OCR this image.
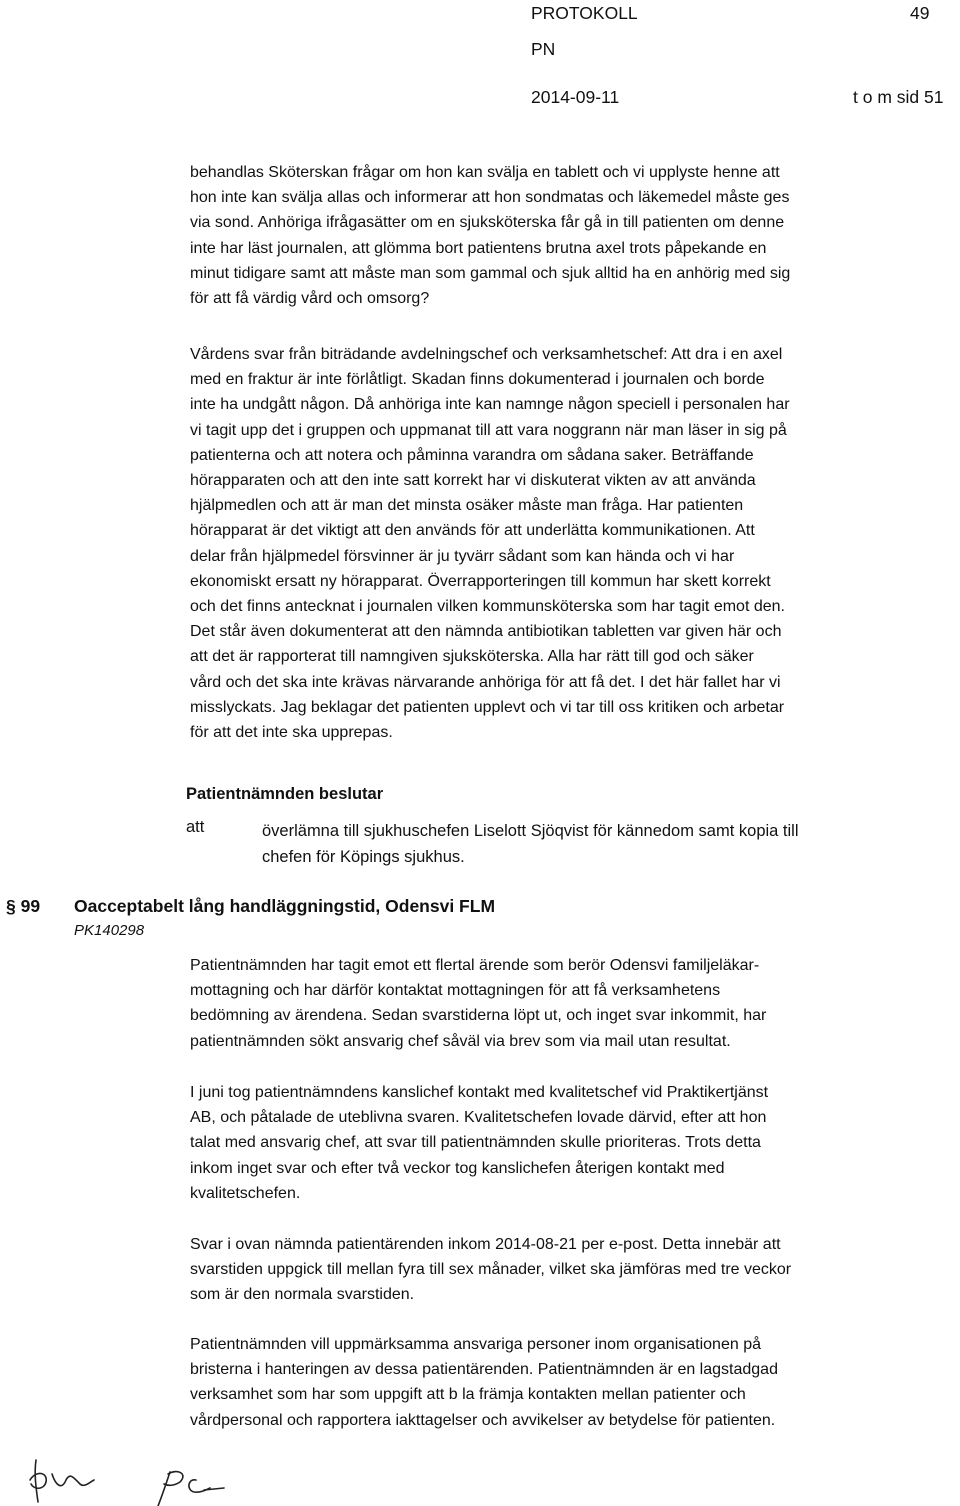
PROTOKOLL	49
PN
2014-09-11	t o m sid 51
behandlas Sköterskan frågar om hon kan svälja en tablett och vi upplyste henne att
hon inte kan svälja allas och informerar att hon sondmatas och läkemedel måste ges
via sond. Anhöriga ifrågasätter om en sjuksköterska får gå in till patienten om denne
inte har läst journalen, att glömma bort patientens brutna axel trots påpekande en
minut tidigare samt att måste man som gammal och sjuk alltid ha en anhörig med sig
för att få värdig vård och omsorg?
Vårdens svar från biträdande avdelningschef och verksamhetschef: Att dra i en axel
med en fraktur är inte förlåtligt. Skadan finns dokumenterad i journalen och borde
inte ha undgått någon. Då anhöriga inte kan namnge någon speciell i personalen har
vi tagit upp det i gruppen och uppmanat till att vara noggrann när man läser in sig på
patienterna och att notera och påminna varandra om sådana saker. Beträffande
hörapparaten och att den inte satt korrekt har vi diskuterat vikten av att använda
hjälpmedlen och att är man det minsta osäker måste man fråga. Har patienten
hörapparat är det viktigt att den används för att underlätta kommunikationen. Att
delar från hjälpmedel försvinner är ju tyvärr sådant som kan hända och vi har
ekonomiskt ersatt ny hörapparat. Överrapporteringen till kommun har skett korrekt
och det finns antecknat i journalen vilken kommunsköterska som har tagit emot den.
Det står även dokumenterat att den nämnda antibiotikan tabletten var given här och
att det är rapporterat till namngiven sjuksköterska. Alla har rätt till god och säker
vård och det ska inte krävas närvarande anhöriga för att få det. I det här fallet har vi
misslyckats. Jag beklagar det patienten upplevt och vi tar till oss kritiken och arbetar
för att det inte ska upprepas.
Patientnämnden beslutar
att	överlämna till sjukhuschefen Liselott Sjöqvist för kännedom samt kopia till
chefen för Köpings sjukhus.
§ 99 Oacceptabelt lång handläggningstid, Odensvi FLM
PK140298
Patientnämnden har tagit emot ett flertal ärende som berör Odensvi familjeläkar-
mottagning och har därför kontaktat mottagningen för att få verksamhetens
bedömning av ärendena. Sedan svarstiderna löpt ut, och inget svar inkommit, har
patientnämnden sökt ansvarig chef såväl via brev som via mail utan resultat.
I juni tog patientnämndens kanslichef kontakt med kvalitetschef vid Praktikertjänst
AB, och påtalade de uteblivna svaren. Kvalitetschefen lovade därvid, efter att hon
talat med ansvarig chef, att svar till patientnämnden skulle prioriteras. Trots detta
inkom inget svar och efter två veckor tog kanslichefen återigen kontakt med
kvalitetschefen.
Svar i ovan nämnda patientärenden inkom 2014-08-21 per e-post. Detta innebär att
svarstiden uppgick till mellan fyra till sex månader, vilket ska jämföras med tre veckor
som är den normala svarstiden.
Patientnämnden vill uppmärksamma ansvariga personer inom organisationen på
bristerna i hanteringen av dessa patientärenden. Patientnämnden är en lagstadgad
verksamhet som har som uppgift att b la främja kontakten mellan patienter och
vårdpersonal och rapportera iakttagelser och avvikelser av betydelse för patienten.
